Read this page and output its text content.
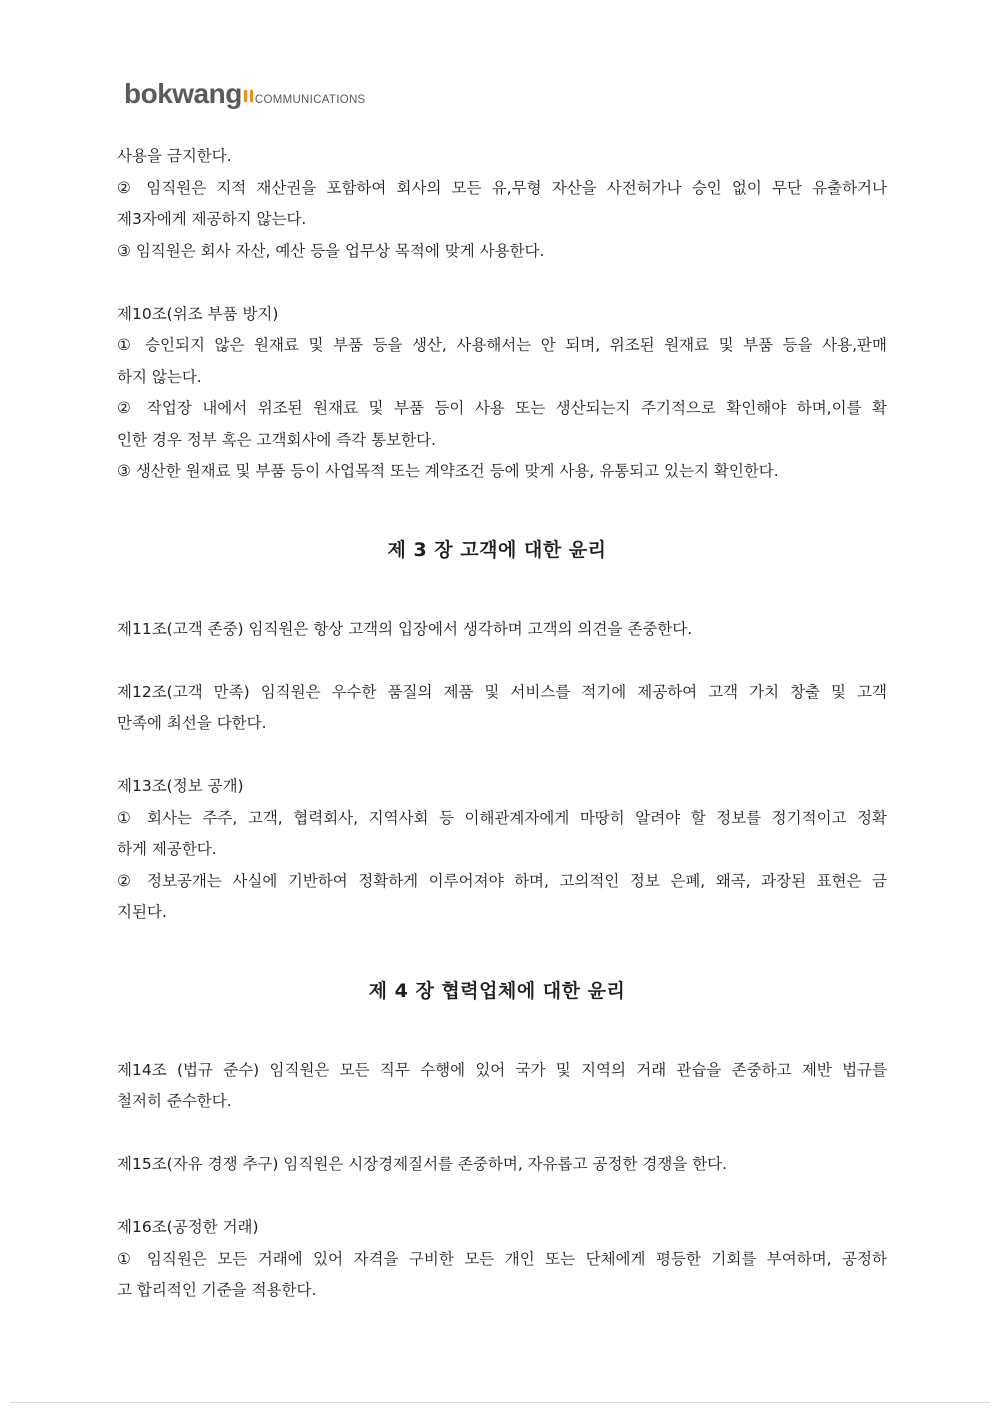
bokwang COMMUNICATIONS
사용을 금지한다.
② 임직원은 지적 재산권을 포함하여 회사의 모든 유,무형 자산을 사전허가나 승인 없이 무단 유출하거나
제3자에게 제공하지 않는다.
③ 임직원은 회사 자산, 예산 등을 업무상 목적에 맞게 사용한다.
제10조(위조 부품 방지)
① 승인되지 않은 원재료 및 부품 등을 생산, 사용해서는 안 되며, 위조된 원재료 및 부품 등을 사용,판매
하지 않는다.
② 작업장 내에서 위조된 원재료 및 부품 등이 사용 또는 생산되는지 주기적으로 확인해야 하며,이를 확
인한 경우 정부 혹은 고객회사에 즉각 통보한다.
③ 생산한 원재료 및 부품 등이 사업목적 또는 계약조건 등에 맞게 사용, 유통되고 있는지 확인한다.
제 3 장 고객에 대한 윤리
제11조(고객 존중) 임직원은 항상 고객의 입장에서 생각하며 고객의 의견을 존중한다.
제12조(고객 만족) 임직원은 우수한 품질의 제품 및 서비스를 적기에 제공하여 고객 가치 창출 및 고객
만족에 최선을 다한다.
제13조(정보 공개)
① 회사는 주주, 고객, 협력회사, 지역사회 등 이해관계자에게 마땅히 알려야 할 정보를 정기적이고 정확
하게 제공한다.
② 정보공개는 사실에 기반하여 정확하게 이루어져야 하며, 고의적인 정보 은폐, 왜곡, 과장된 표현은 금
지된다.
제 4 장 협력업체에 대한 윤리
제14조 (법규 준수) 임직원은 모든 직무 수행에 있어 국가 및 지역의 거래 관습을 존중하고 제반 법규를
철저히 준수한다.
제15조(자유 경쟁 추구) 임직원은 시장경제질서를 존중하며, 자유롭고 공정한 경쟁을 한다.
제16조(공정한 거래)
① 임직원은 모든 거래에 있어 자격을 구비한 모든 개인 또는 단체에게 평등한 기회를 부여하며, 공정하
고 합리적인 기준을 적용한다.
